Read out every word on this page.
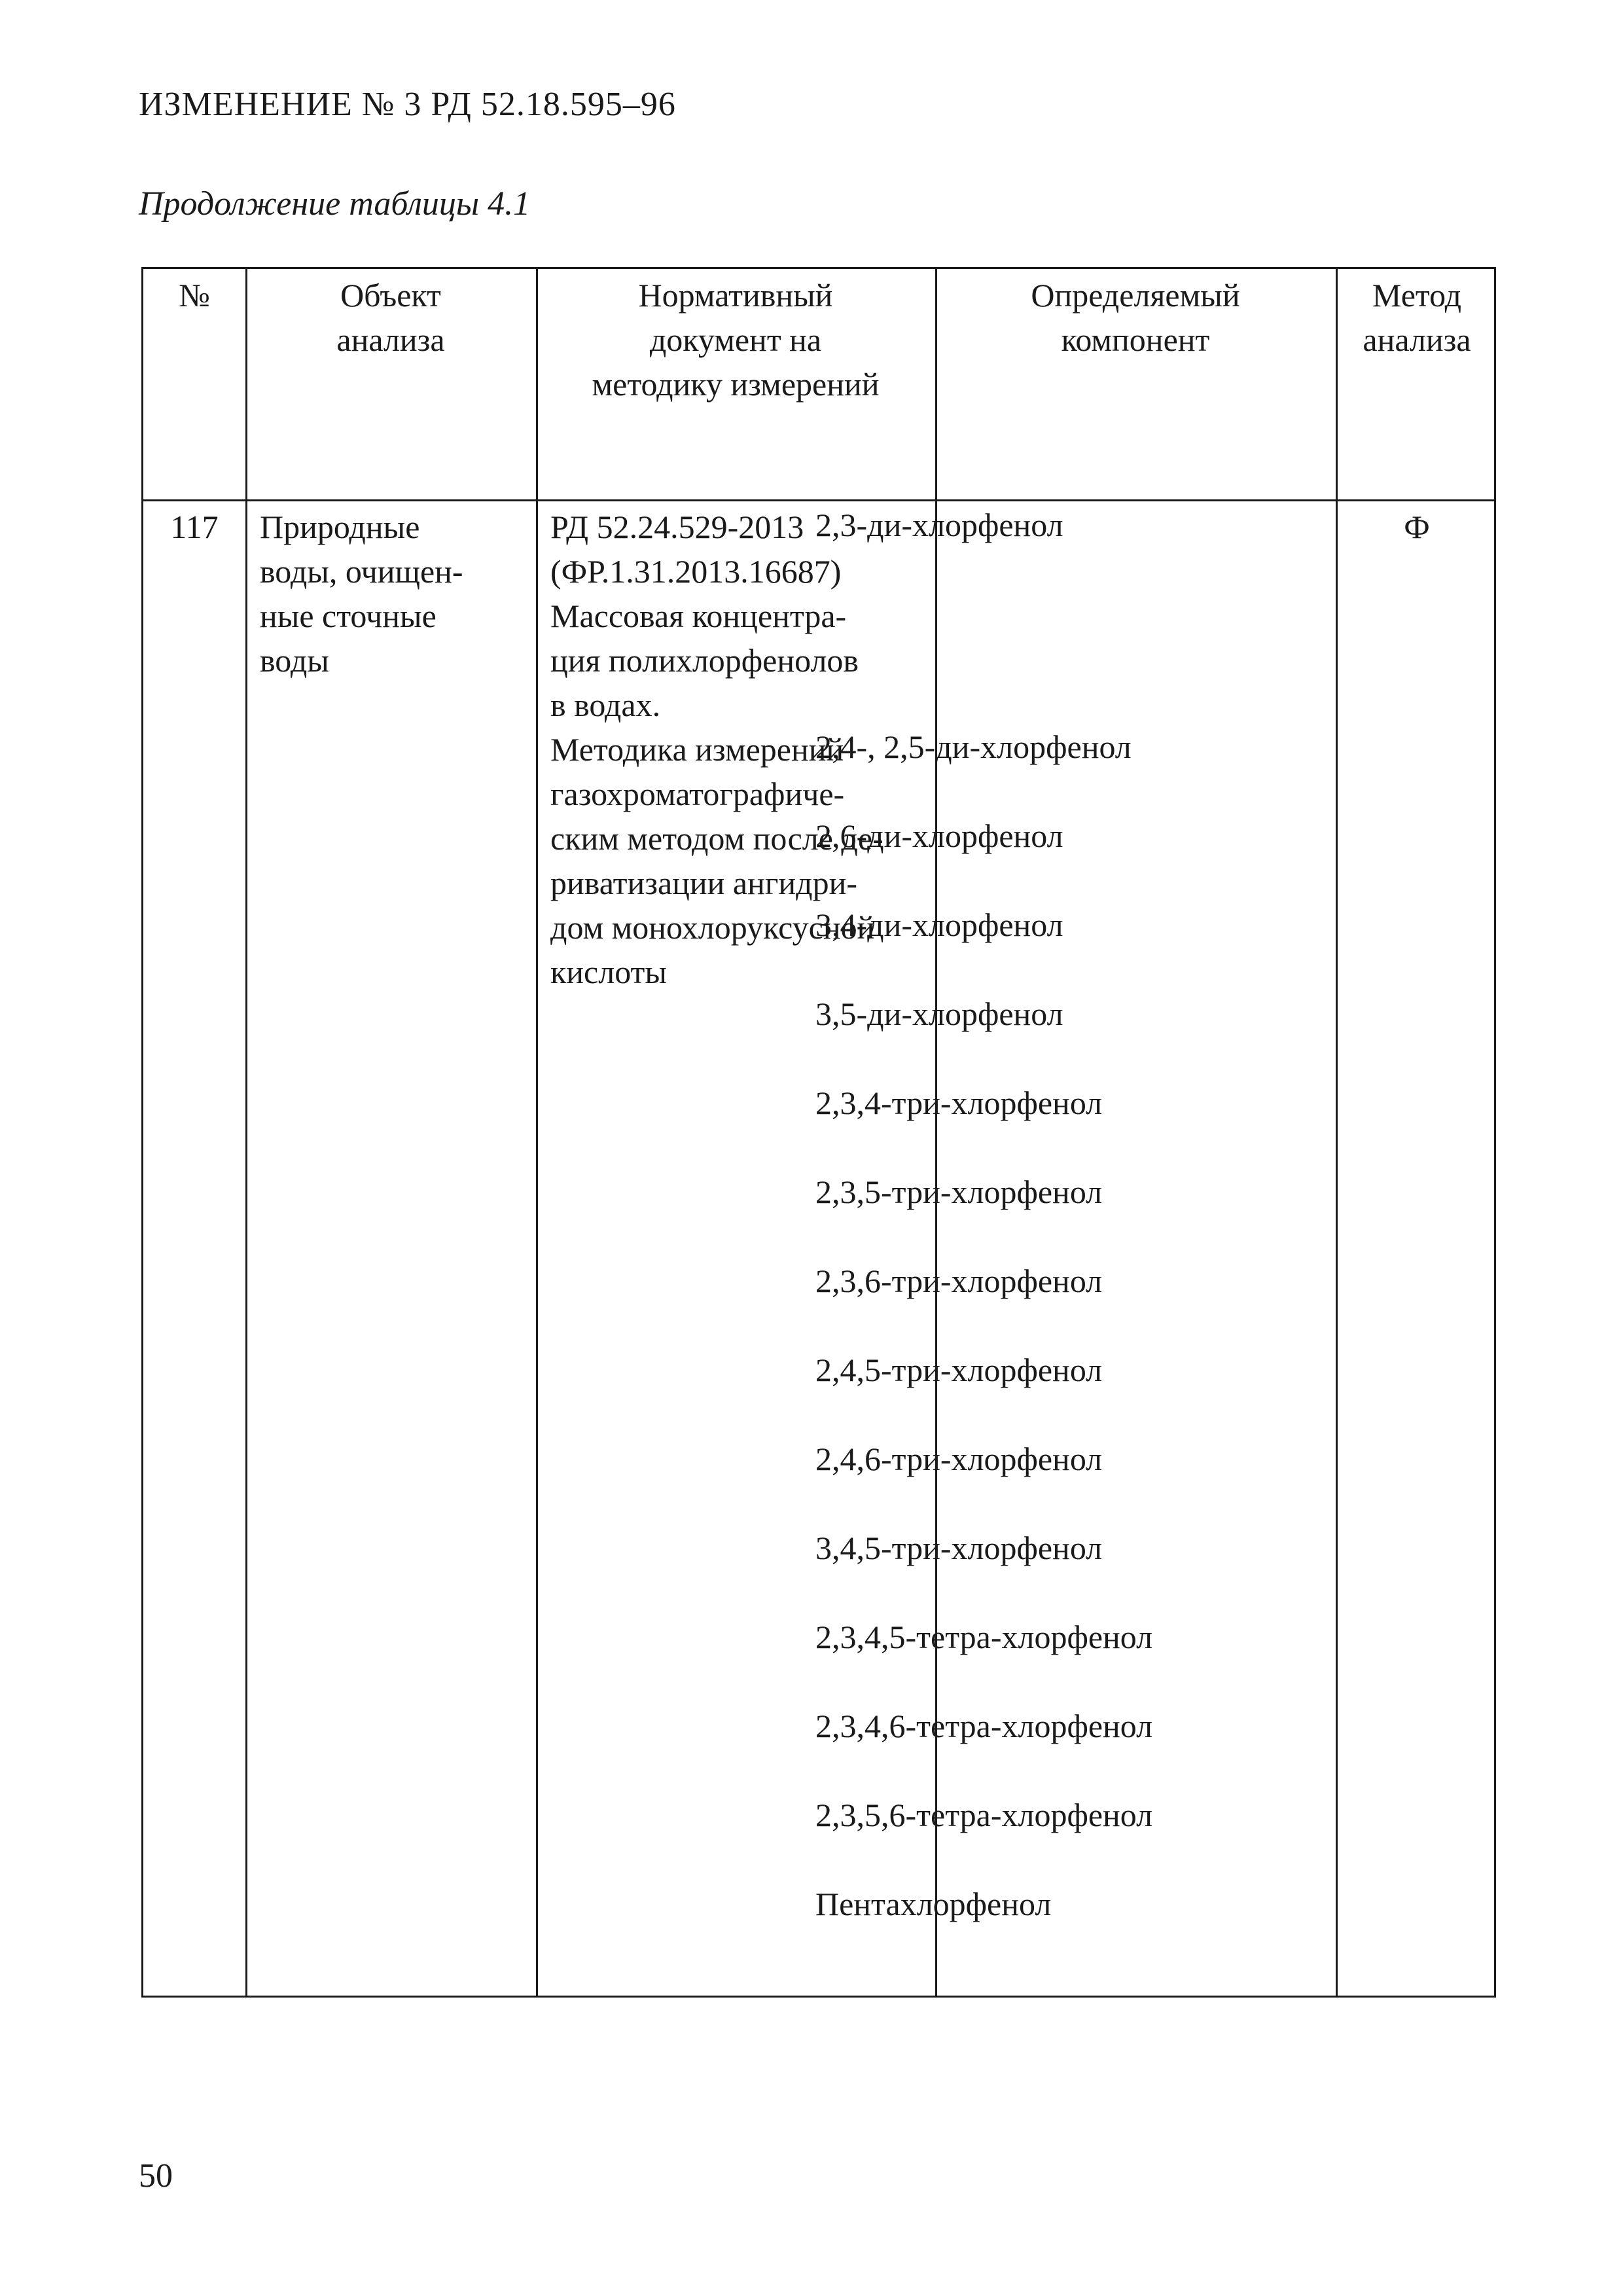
ИЗМЕНЕНИЕ № 3 РД 52.18.595–96
Продолжение таблицы 4.1
№	Объект
анализа
Нормативный
документ на
методику измерений
Определяемый
компонент
Метод
анализа
117	Природные
воды, очищен-
ные сточные
воды
РД 52.24.529-2013
(ФР.1.31.2013.16687)
Массовая концентра-
ция полихлорфенолов
в водах.
Методика измерений
газохроматографиче-
ским методом после де-
риватизации ангидри-
дом монохлоруксусной
кислоты
Ф
2,3-ди-хлорфенол
2,4-, 2,5-ди-хлорфенол
2,6-ди-хлорфенол
3,4-ди-хлорфенол
3,5-ди-хлорфенол
2,3,4-три-хлорфенол
2,3,5-три-хлорфенол
2,3,6-три-хлорфенол
2,4,5-три-хлорфенол
2,4,6-три-хлорфенол
3,4,5-три-хлорфенол
2,3,4,5-тетра-хлорфенол
2,3,4,6-тетра-хлорфенол
2,3,5,6-тетра-хлорфенол
Пентахлорфенол
50
